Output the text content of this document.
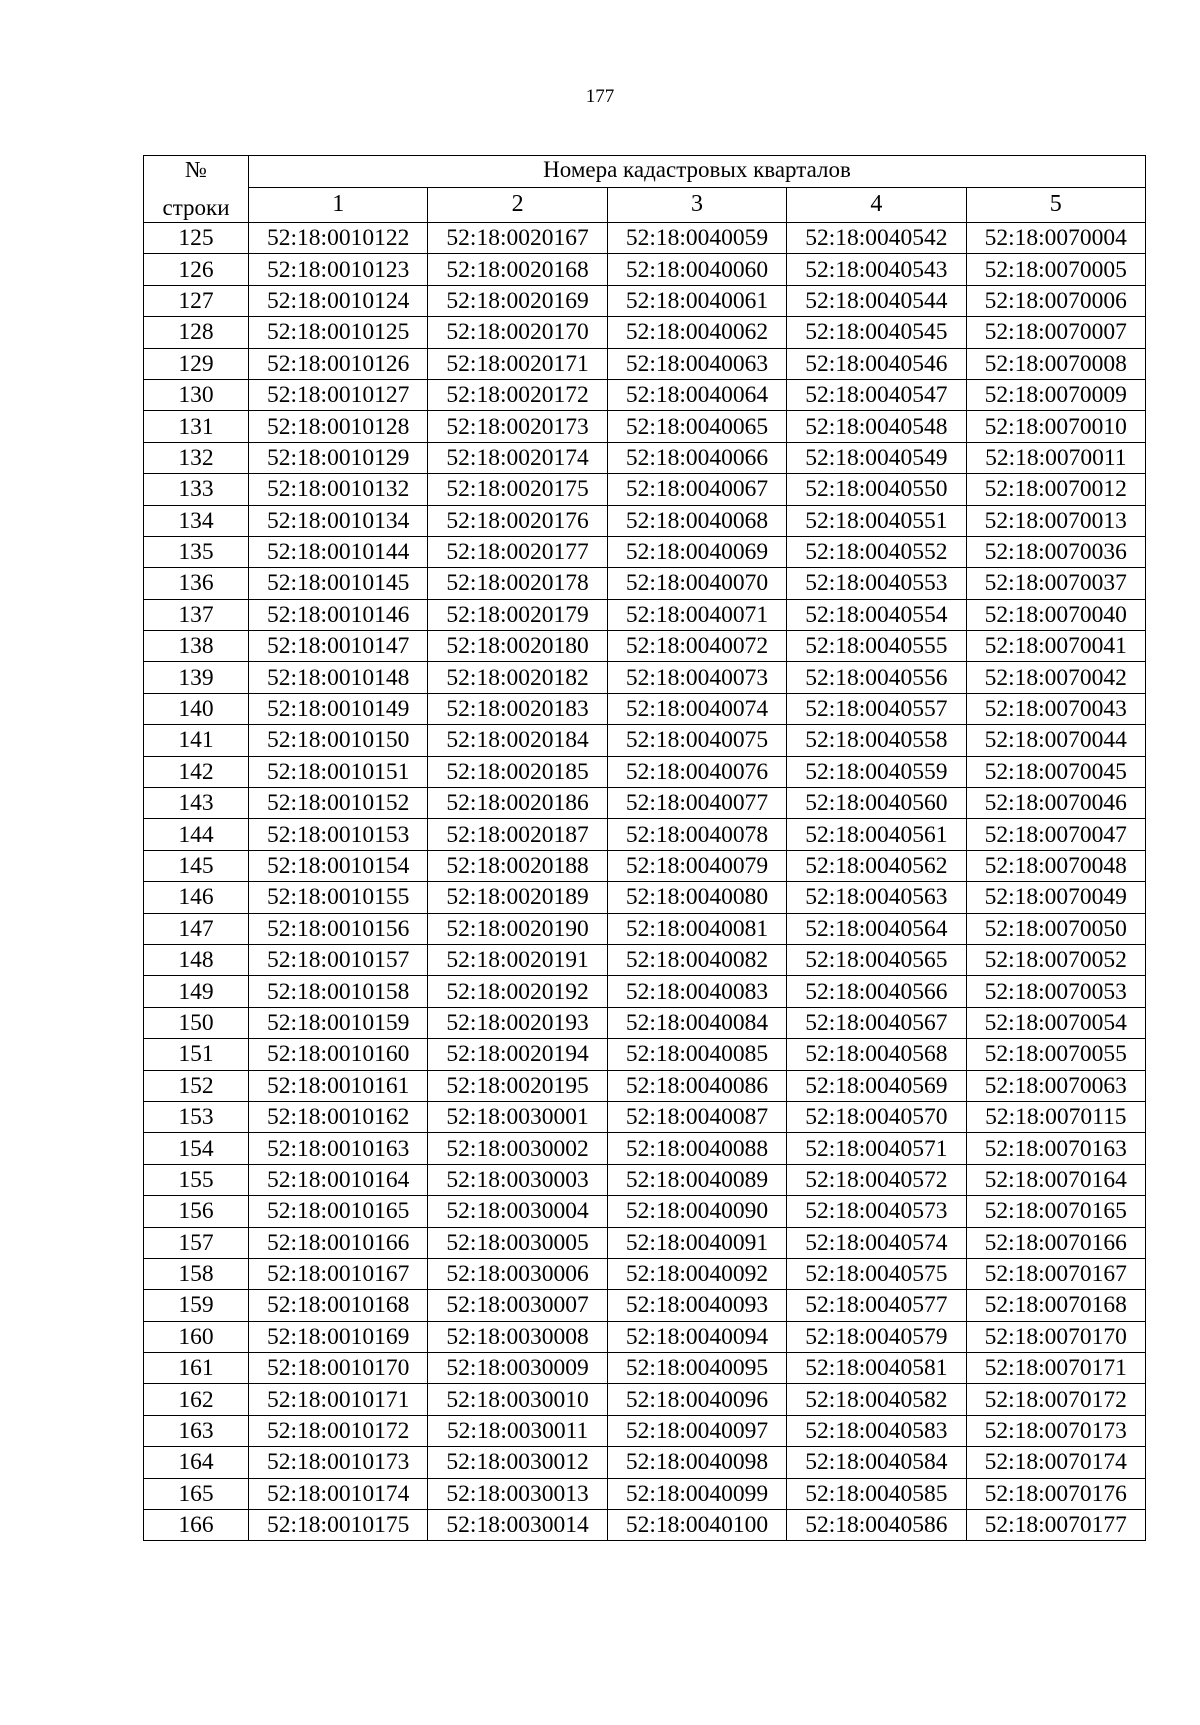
177
№
строки	Номера кадастровых кварталов				
	1	2	3	4	5
125	52:18:0010122	52:18:0020167	52:18:0040059	52:18:0040542	52:18:0070004
126	52:18:0010123	52:18:0020168	52:18:0040060	52:18:0040543	52:18:0070005
127	52:18:0010124	52:18:0020169	52:18:0040061	52:18:0040544	52:18:0070006
128	52:18:0010125	52:18:0020170	52:18:0040062	52:18:0040545	52:18:0070007
129	52:18:0010126	52:18:0020171	52:18:0040063	52:18:0040546	52:18:0070008
130	52:18:0010127	52:18:0020172	52:18:0040064	52:18:0040547	52:18:0070009
131	52:18:0010128	52:18:0020173	52:18:0040065	52:18:0040548	52:18:0070010
132	52:18:0010129	52:18:0020174	52:18:0040066	52:18:0040549	52:18:0070011
133	52:18:0010132	52:18:0020175	52:18:0040067	52:18:0040550	52:18:0070012
134	52:18:0010134	52:18:0020176	52:18:0040068	52:18:0040551	52:18:0070013
135	52:18:0010144	52:18:0020177	52:18:0040069	52:18:0040552	52:18:0070036
136	52:18:0010145	52:18:0020178	52:18:0040070	52:18:0040553	52:18:0070037
137	52:18:0010146	52:18:0020179	52:18:0040071	52:18:0040554	52:18:0070040
138	52:18:0010147	52:18:0020180	52:18:0040072	52:18:0040555	52:18:0070041
139	52:18:0010148	52:18:0020182	52:18:0040073	52:18:0040556	52:18:0070042
140	52:18:0010149	52:18:0020183	52:18:0040074	52:18:0040557	52:18:0070043
141	52:18:0010150	52:18:0020184	52:18:0040075	52:18:0040558	52:18:0070044
142	52:18:0010151	52:18:0020185	52:18:0040076	52:18:0040559	52:18:0070045
143	52:18:0010152	52:18:0020186	52:18:0040077	52:18:0040560	52:18:0070046
144	52:18:0010153	52:18:0020187	52:18:0040078	52:18:0040561	52:18:0070047
145	52:18:0010154	52:18:0020188	52:18:0040079	52:18:0040562	52:18:0070048
146	52:18:0010155	52:18:0020189	52:18:0040080	52:18:0040563	52:18:0070049
147	52:18:0010156	52:18:0020190	52:18:0040081	52:18:0040564	52:18:0070050
148	52:18:0010157	52:18:0020191	52:18:0040082	52:18:0040565	52:18:0070052
149	52:18:0010158	52:18:0020192	52:18:0040083	52:18:0040566	52:18:0070053
150	52:18:0010159	52:18:0020193	52:18:0040084	52:18:0040567	52:18:0070054
151	52:18:0010160	52:18:0020194	52:18:0040085	52:18:0040568	52:18:0070055
152	52:18:0010161	52:18:0020195	52:18:0040086	52:18:0040569	52:18:0070063
153	52:18:0010162	52:18:0030001	52:18:0040087	52:18:0040570	52:18:0070115
154	52:18:0010163	52:18:0030002	52:18:0040088	52:18:0040571	52:18:0070163
155	52:18:0010164	52:18:0030003	52:18:0040089	52:18:0040572	52:18:0070164
156	52:18:0010165	52:18:0030004	52:18:0040090	52:18:0040573	52:18:0070165
157	52:18:0010166	52:18:0030005	52:18:0040091	52:18:0040574	52:18:0070166
158	52:18:0010167	52:18:0030006	52:18:0040092	52:18:0040575	52:18:0070167
159	52:18:0010168	52:18:0030007	52:18:0040093	52:18:0040577	52:18:0070168
160	52:18:0010169	52:18:0030008	52:18:0040094	52:18:0040579	52:18:0070170
161	52:18:0010170	52:18:0030009	52:18:0040095	52:18:0040581	52:18:0070171
162	52:18:0010171	52:18:0030010	52:18:0040096	52:18:0040582	52:18:0070172
163	52:18:0010172	52:18:0030011	52:18:0040097	52:18:0040583	52:18:0070173
164	52:18:0010173	52:18:0030012	52:18:0040098	52:18:0040584	52:18:0070174
165	52:18:0010174	52:18:0030013	52:18:0040099	52:18:0040585	52:18:0070176
166	52:18:0010175	52:18:0030014	52:18:0040100	52:18:0040586	52:18:0070177
